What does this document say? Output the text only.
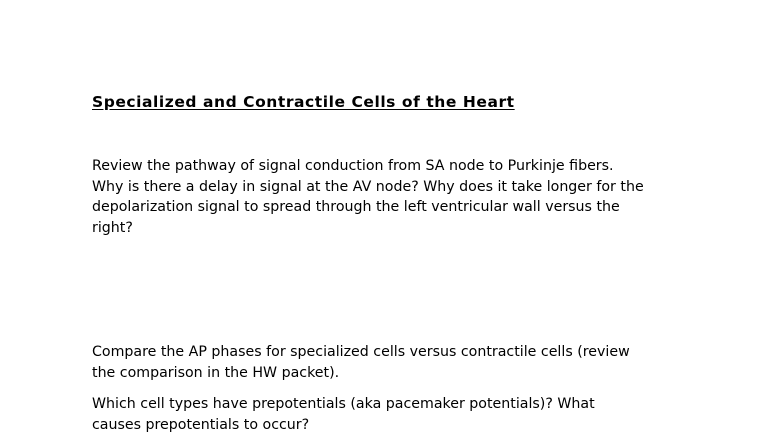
Specialized and Contractile Cells of the Heart

Review the pathway of signal conduction from SA node to Purkinje fibers.
Why is there a delay in signal at the AV node? Why does it take longer for the
depolarization signal to spread through the left ventricular wall versus the
right?

Compare the AP phases for specialized cells versus contractile cells (review
the comparison in the HW packet).

Which cell types have prepotentials (aka pacemaker potentials)? What
causes prepotentials to occur?
